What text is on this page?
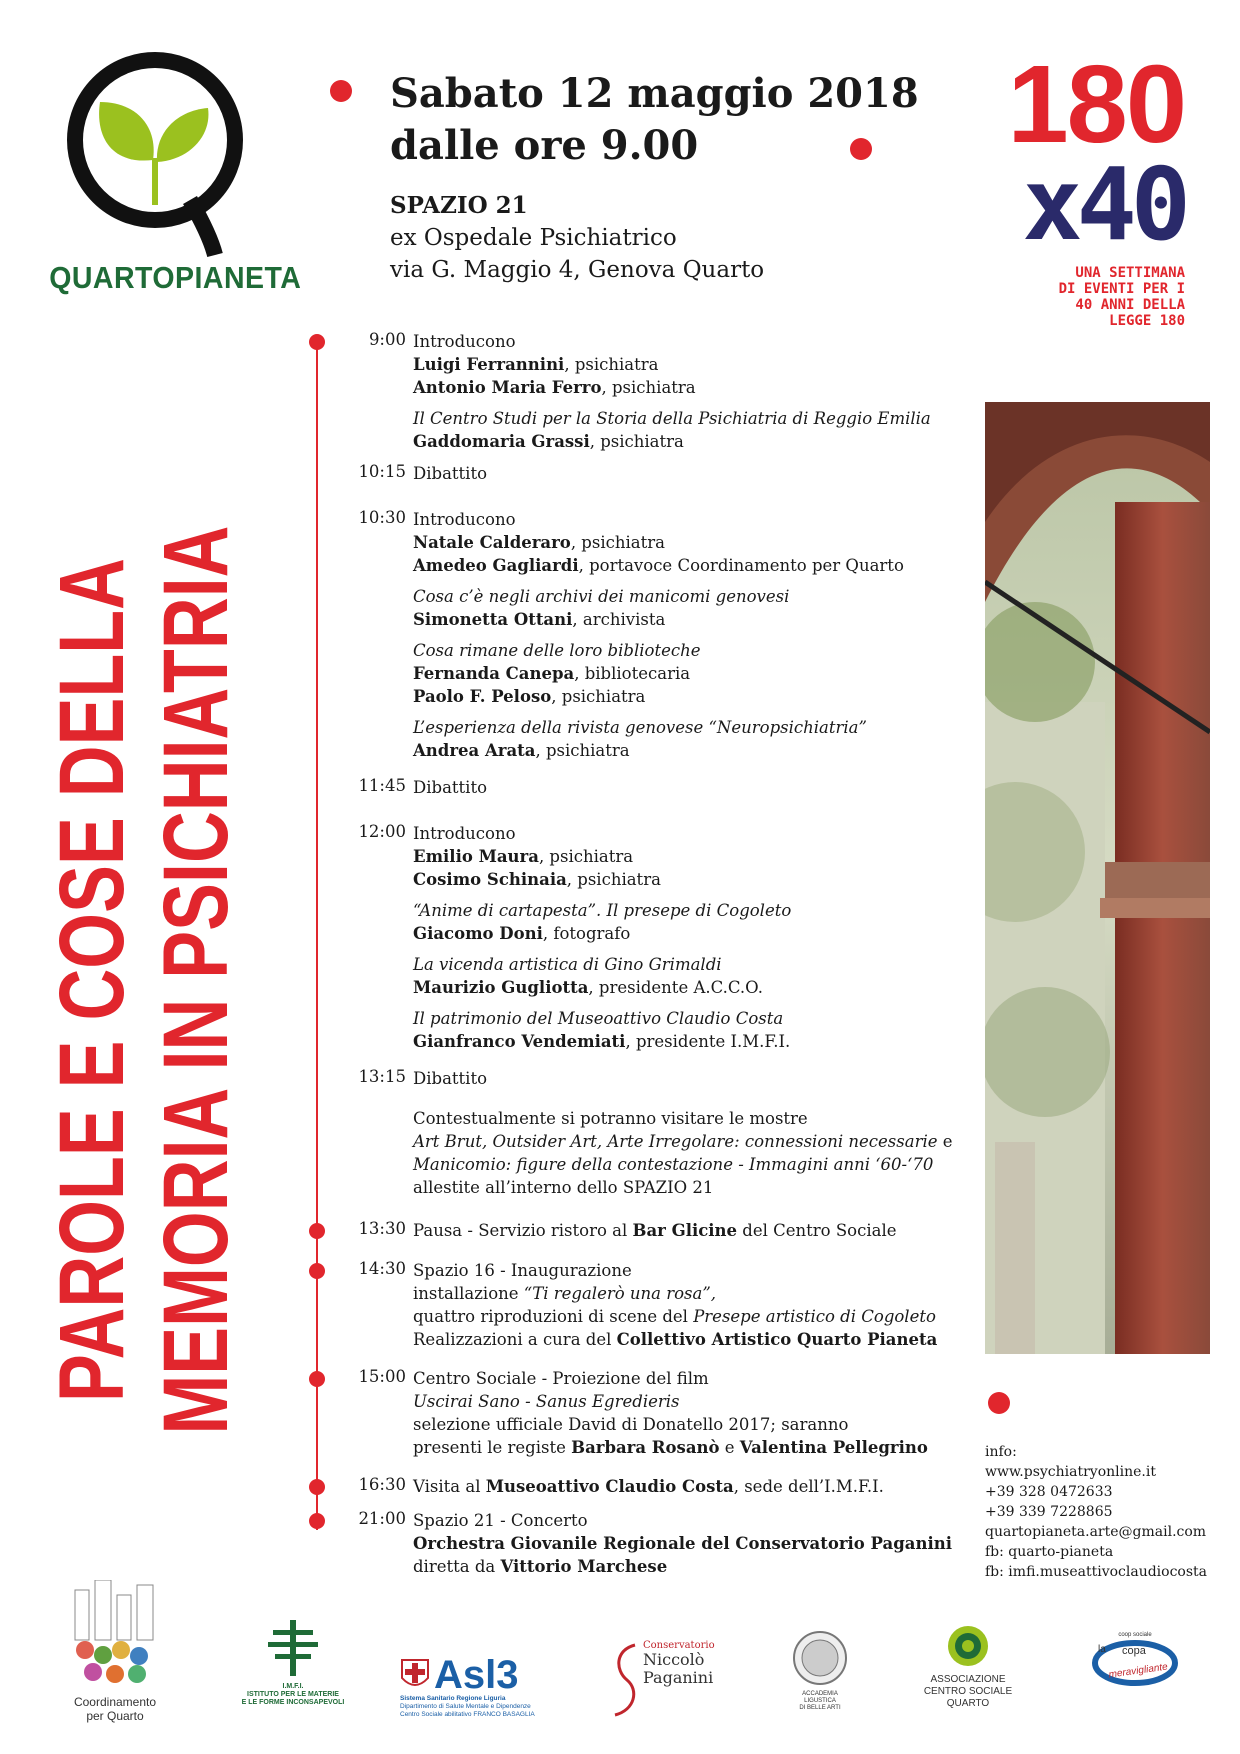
QUARTOPIANETA
Sabato 12 maggio 2018
dalle ore 9.00
SPAZIO 21
ex Ospedale Psichiatrico
via G. Maggio 4, Genova Quarto
180
x40
UNA SETTIMANA
DI EVENTI PER I
40 ANNI DELLA
LEGGE 180
PAROLE E COSE DELLA MEMORIA IN PSICHIATRIA
9:00 Introducono
Luigi Ferrannini, psichiatra
Antonio Maria Ferro, psichiatra
Il Centro Studi per la Storia della Psichiatria di Reggio Emilia
Gaddomaria Grassi, psichiatra
10:15 Dibattito
10:30 Introducono
Natale Calderaro, psichiatra
Amedeo Gagliardi, portavoce Coordinamento per Quarto
Cosa c’è negli archivi dei manicomi genovesi
Simonetta Ottani, archivista
Cosa rimane delle loro biblioteche
Fernanda Canepa, bibliotecaria
Paolo F. Peloso, psichiatra
L’esperienza della rivista genovese “Neuropsichiatria”
Andrea Arata, psichiatra
11:45 Dibattito
12:00 Introducono
Emilio Maura, psichiatra
Cosimo Schinaia, psichiatra
“Anime di cartapesta”. Il presepe di Cogoleto
Giacomo Doni, fotografo
La vicenda artistica di Gino Grimaldi
Maurizio Gugliotta, presidente A.C.C.O.
Il patrimonio del Museoattivo Claudio Costa
Gianfranco Vendemiati, presidente I.M.F.I.
13:15 Dibattito
Contestualmente si potranno visitare le mostre
Art Brut, Outsider Art, Arte Irregolare: connessioni necessarie e
Manicomio: figure della contestazione - Immagini anni ‘60-‘70
allestite all’interno dello SPAZIO 21
13:30 Pausa - Servizio ristoro al Bar Glicine del Centro Sociale
14:30 Spazio 16 - Inaugurazione
installazione “Ti regalerò una rosa”,
quattro riproduzioni di scene del Presepe artistico di Cogoleto
Realizzazioni a cura del Collettivo Artistico Quarto Pianeta
15:00 Centro Sociale - Proiezione del film
Uscirai Sano - Sanus Egredieris
selezione ufficiale David di Donatello 2017; saranno
presenti le registe Barbara Rosanò e Valentina Pellegrino
16:30 Visita al Museoattivo Claudio Costa, sede dell’I.M.F.I.
21:00 Spazio 21 - Concerto
Orchestra Giovanile Regionale del Conservatorio Paganini
diretta da Vittorio Marchese
info:
www.psychiatryonline.it
+39 328 0472633
+39 339 7228865
quartopianeta.arte@gmail.com
fb: quarto-pianeta
fb: imfi.museattivoclaudiocosta
Coordinamento
per Quarto
I.M.F.I.
ISTITUTO PER LE MATERIE
E LE FORME INCONSAPEVOLI
Asl3
Sistema Sanitario Regione Liguria
Dipartimento di Salute Mentale e Dipendenze
Centro Sociale abilitativo FRANCO BASAGLIA
Conservatorio
Niccolò
Paganini
ACCADEMIA
LIGUSTICA
DI BELLE ARTI
ASSOCIAZIONE
CENTRO SOCIALE
QUARTO
coop sociale
la copa
meravigliante
